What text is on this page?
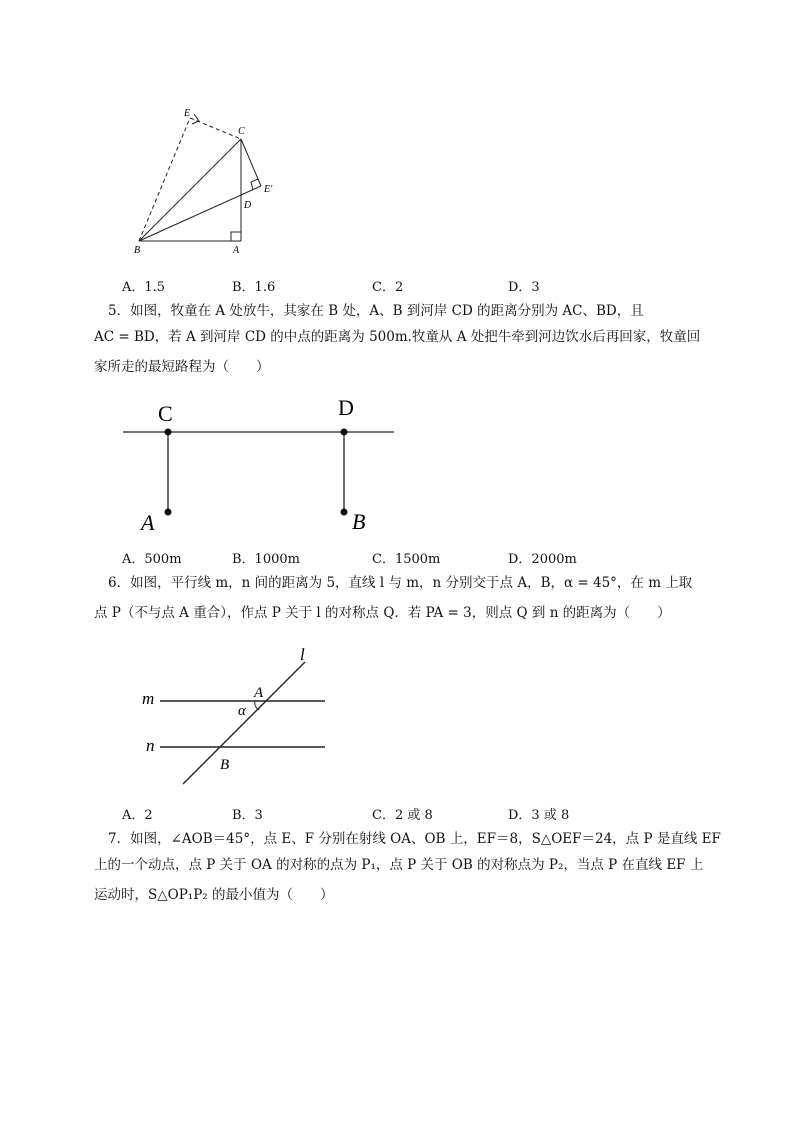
E
C
E'
D
B	A
A．1.5	B．1.6	C．2	D．3
5．如图，牧童在 A 处放牛，其家在 B 处，A、B 到河岸 CD 的距离分别为 AC、BD，且
AC = BD，若 A 到河岸 CD 的中点的距离为 500m.牧童从 A 处把牛牵到河边饮水后再回家，牧童回
家所走的最短路程为（　　）
C	D
A	B
A．500m	B．1000m	C．1500m	D．2000m
6．如图，平行线 m，n 间的距离为 5，直线 l 与 m，n 分别交于点 A，B，α = 45°，在 m 上取
点 P（不与点 A 重合），作点 P 关于 l 的对称点 Q．若 PA = 3，则点 Q 到 n 的距离为（　　）
l
m
n
A
α
B
A．2	B．3	C．2 或 8	D．3 或 8
7．如图，∠AOB＝45°，点 E、F 分别在射线 OA、OB 上，EF＝8，S△OEF＝24，点 P 是直线 EF
上的一个动点，点 P 关于 OA 的对称的点为 P₁，点 P 关于 OB 的对称点为 P₂，当点 P 在直线 EF 上
运动时，S△OP₁P₂ 的最小值为（　　）
